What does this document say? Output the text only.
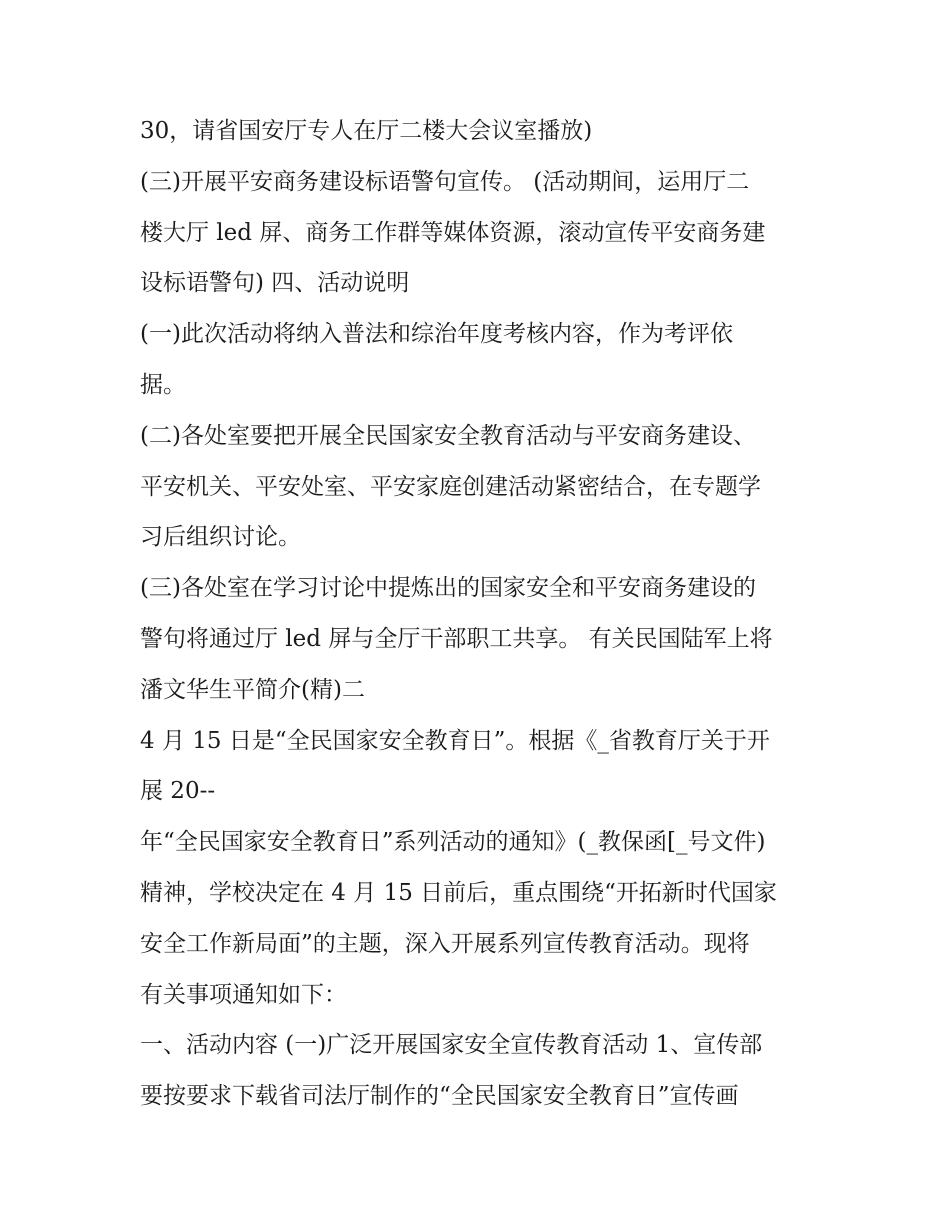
30，请省国安厅专人在厅二楼大会议室播放)
(三)开展平安商务建设标语警句宣传。 (活动期间，运用厅二
楼大厅 led 屏、商务工作群等媒体资源，滚动宣传平安商务建
设标语警句) 四、活动说明
(一)此次活动将纳入普法和综治年度考核内容，作为考评依
据。
(二)各处室要把开展全民国家安全教育活动与平安商务建设、
平安机关、平安处室、平安家庭创建活动紧密结合，在专题学
习后组织讨论。
(三)各处室在学习讨论中提炼出的国家安全和平安商务建设的
警句将通过厅 led 屏与全厅干部职工共享。 有关民国陆军上将
潘文华生平简介(精)二
4 月 15 日是“全民国家安全教育日”。根据《_省教育厅关于开
展 20--
年“全民国家安全教育日”系列活动的通知》(_教保函[_号文件)
精神，学校决定在 4 月 15 日前后，重点围绕“开拓新时代国家
安全工作新局面”的主题，深入开展系列宣传教育活动。现将
有关事项通知如下：
一、活动内容 (一)广泛开展国家安全宣传教育活动 1、宣传部
要按要求下载省司法厅制作的“全民国家安全教育日”宣传画
